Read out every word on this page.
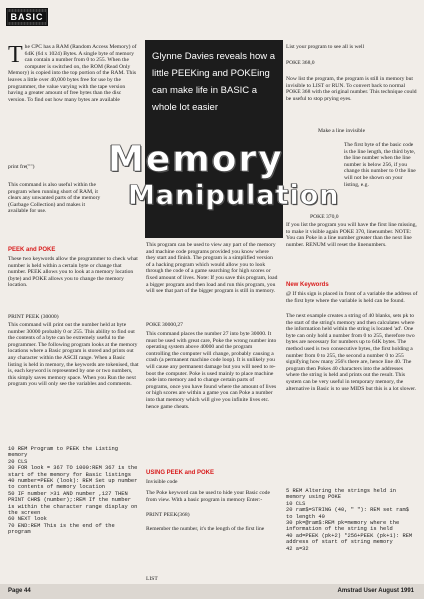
BASIC

The CPC has a RAM (Random Access Memory) of 64K (64 x 1024) Bytes. A single byte of memory can contain a number from 0 to 255. When the computer is switched on, the ROM (Read Only Memory) is copied into the top portion of the RAM. This leaves a little over 40,000 bytes free for use by the programmer, the value varying with the tape version having a greater amount of free bytes than the disc version. To find out how many bytes are available

print fre("")
This command is also useful within the program when running short of RAM, it clears any unwanted parts of the memory (Garbage Collection) and makes it available for use.
PEEK and POKE
These two keywords allow the programmer to check what number is held within a certain byte or change that number. PEEK allows you to look at a memory location (byte) and POKE allows you to change the memory location.
PRINT PEEK (30000)
This command will print out the number held at byte number 30000 probably 0 or 255. This ability to find out the contents of a byte can be extremely useful to the programmer. The following program looks at the memory locations where a Basic program is stored and prints out any character within the ASCII range. When a Basic listing is held in memory, the keywords are tokenised, that is, each keyword is represented by one or two numbers, this simply saves memory space. When you Run the next program you will only see the variables and comments.
10 REM Program to PEEK the Listing memory
20 CLS
30 FOR look = 367 TO 1000:REM 367 is the start of the memory for Basic listings
40 number=PEEK (look): REM Set up number to contents of memory location
50 IF number >31 AND number ,127 THEN PRINT CHR$ (number);:REM If the number is within the character range display on the screen
60 NEXT look
70 END:REM This is the end of the program
Glynne Davies reveals how a little PEEKing and POKEing can make life in BASIC a whole lot easier
This program can be used to view any part of the memory and machine code programs provided you know where they start and finish. The program is a simplified version of a hacking program which would allow you to look through the code of a game searching for high scores or fixed amount of lives. Note: If you save this program, load a bigger program and then load and run this program, you will see that part of the bigger program is still in memory.
POKE 30000,27
This command places the number 27 into byte 30000. It must be used with great care, Poke the wrong number into operating system above 40000 and the program controlling the computer will change, probably causing a crash (a permanent machine code loop). It is unlikely you will cause any permanent damage but you will need to re-boot the computer. Poke is used mainly to place machine code into memory and to change certain parts of programs, once you have found where the amount of lives or high scores are within a game you can Poke a number into that memory which will give you infinite lives etc. hence game cheats.
USING PEEK and POKE
Invisible code
The Poke keyword can be used to hide your Basic code from view. With a basic program in memory Enter:-
PRINT PEEK(368)
Remember the number, it's the length of the first line
LIST
List your program to see all is well
POKE 368,0
Now list the program, the program is still in memory but invisible to LIST or RUN. To convert back to normal POKE 368 with the original number. This technique could be useful to stop prying eyes.
Make a line invisible
The first byte of the basic code is the line length, the third byte, the line number when the line number is below 256, if you change this number to 0 the line will not be shown on your listing, e.g.
POKE 370,0
If you list the program you will have the first line missing, to make it visible again POKE 370, linenumber. NOTE: You can Poke in a line number greater than the next line number. RENUM will reset the linenumbers.
New Keywords
@ If this sign is placed in front of a variable the address of the first byte where the variable is held can be found.
The next example creates a string of 40 blanks, sets pk to the start of the string's memory and then calculates where the information held within the string is located 'ad'. One byte can only hold a number from 0 to 255, therefore two bytes are necessary for numbers up to 64K bytes. The method used is two consecutive bytes, the first holding a number from 0 to 255, the second a number 0 to 255 signifying how many 256's there are, hence line 40. The program then Pokes 40 characters into the addresses where the string is held and prints out the result. This system can be very useful in temporary memory, the alternative in Basic is to use MIDS but this is a lot slower.
5 REM Altering the strings held in memory using POKE
10 CLS
20 ram$=STRING (40, " "): REM set ram$ to length 40
30 pk=@ram$:REM pk=memory where the information of the string is held
40 ad=PEEK (pk+2) *256+PEEK (pk+1): REM address of start of string memory
42 a=32
Memory
Manipulation
Page 44	Amstrad User August 1991
